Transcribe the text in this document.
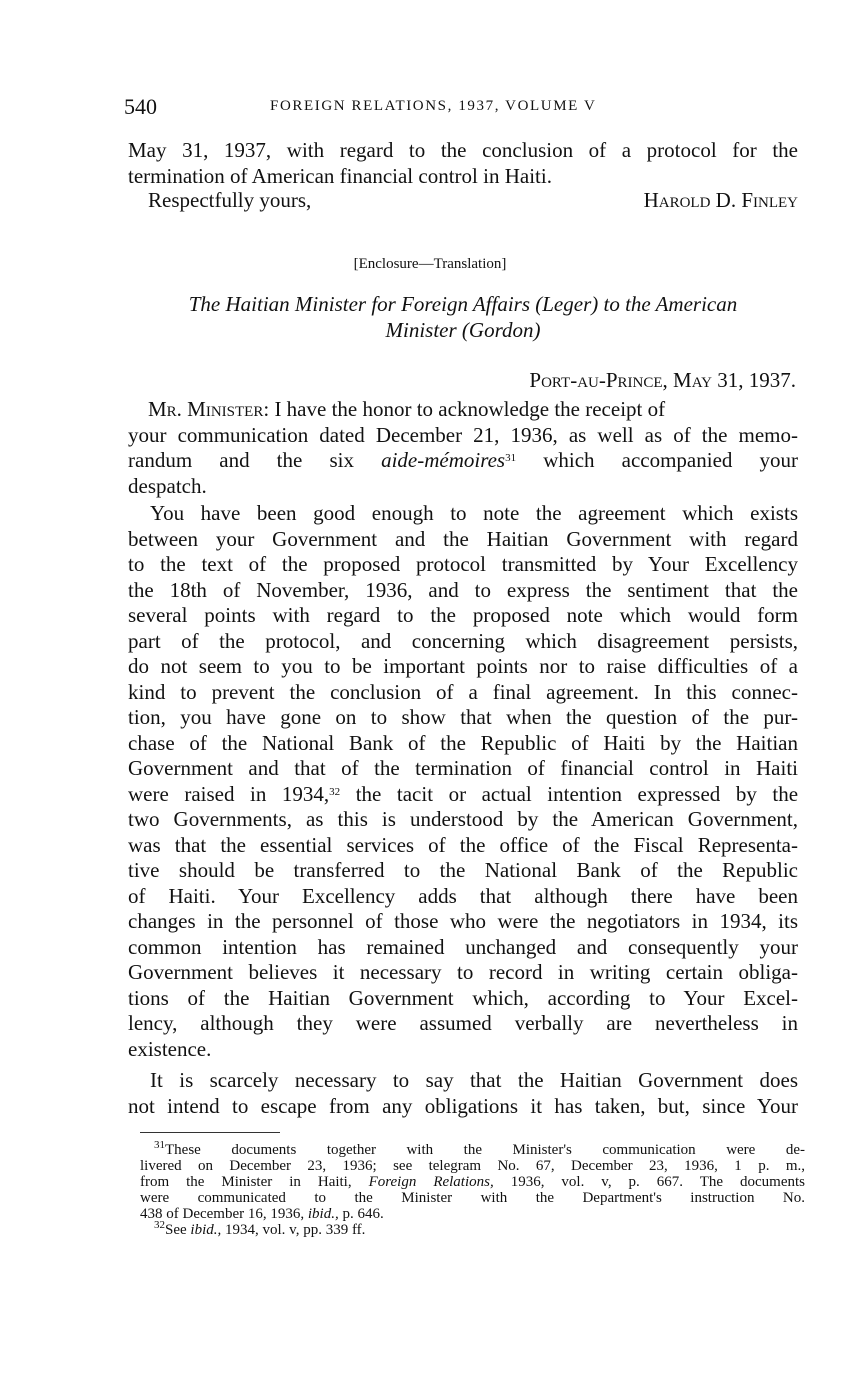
540	FOREIGN RELATIONS, 1937, VOLUME V
May 31, 1937, with regard to the conclusion of a protocol for the
termination of American financial control in Haiti.
Respectfully yours,	Harold D. Finley
[Enclosure—Translation]
The Haitian Minister for Foreign Affairs (Leger) to the American
Minister (Gordon)
Port-au-Prince, May 31, 1937.
Mr. Minister: I have the honor to acknowledge the receipt of
your communication dated December 21, 1936, as well as of the memo-
randum and the six aide-mémoires$^{31}$ which accompanied your
despatch.
You have been good enough to note the agreement which exists
between your Government and the Haitian Government with regard
to the text of the proposed protocol transmitted by Your Excellency
the 18th of November, 1936, and to express the sentiment that the
several points with regard to the proposed note which would form
part of the protocol, and concerning which disagreement persists,
do not seem to you to be important points nor to raise difficulties of a
kind to prevent the conclusion of a final agreement. In this connec-
tion, you have gone on to show that when the question of the pur-
chase of the National Bank of the Republic of Haiti by the Haitian
Government and that of the termination of financial control in Haiti
were raised in 1934,32 the tacit or actual intention expressed by the
two Governments, as this is understood by the American Government,
was that the essential services of the office of the Fiscal Representa-
tive should be transferred to the National Bank of the Republic
of Haiti. Your Excellency adds that although there have been
changes in the personnel of those who were the negotiators in 1934, its
common intention has remained unchanged and consequently your
Government believes it necessary to record in writing certain obliga-
tions of the Haitian Government which, according to Your Excel-
lency, although they were assumed verbally are nevertheless in
existence.
It is scarcely necessary to say that the Haitian Government does
not intend to escape from any obligations it has taken, but, since Your
$^{31}$These documents together with the Minister's communication were de-
livered on December 23, 1936; see telegram No. 67, December 23, 1936, 1 p. m.,
from the Minister in Haiti, Foreign Relations, 1936, vol. v, p. 667. The documents
were communicated to the Minister with the Department's instruction No.
438 of December 16, 1936, ibid., p. 646.
$^{32}$See ibid., 1934, vol. v, pp. 339 ff.
